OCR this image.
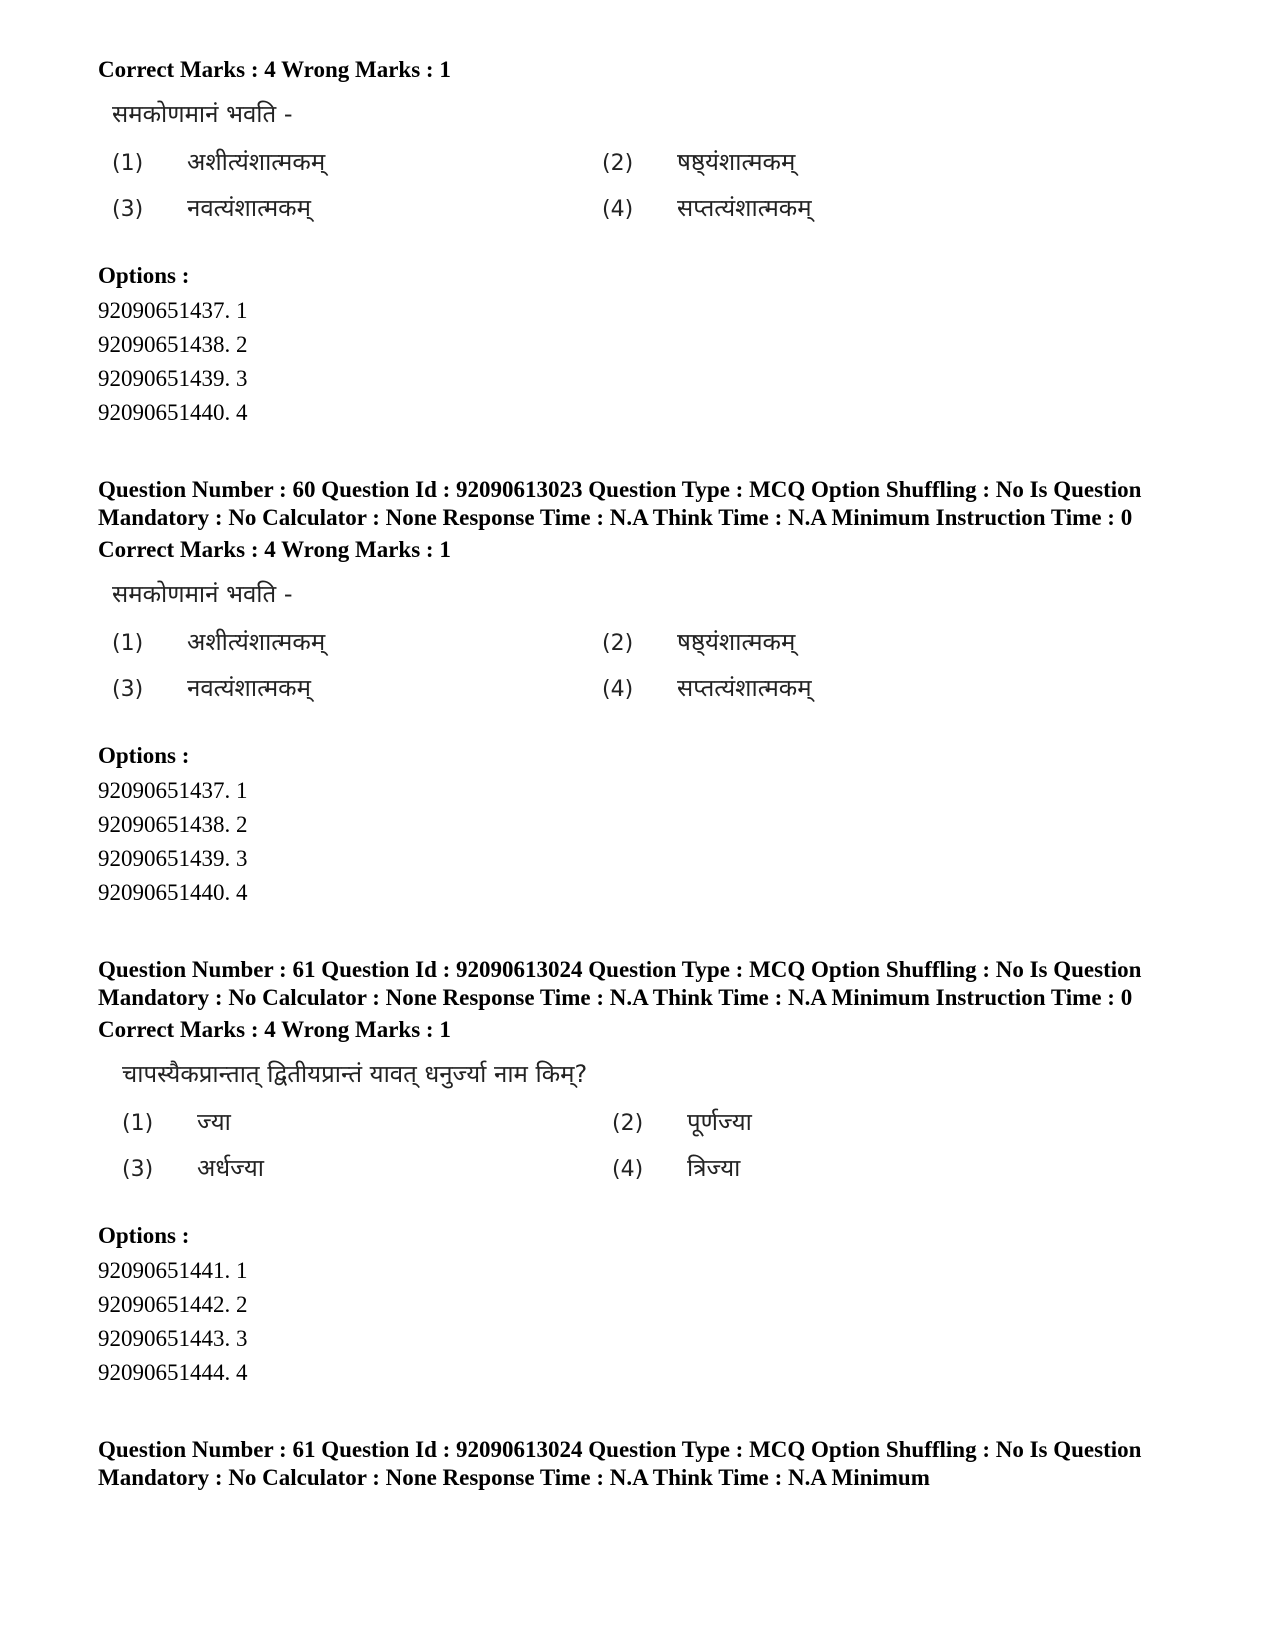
Correct Marks : 4 Wrong Marks : 1

समकोणमानं भवति -
(1)	अशीत्यंशात्मकम्	(2)	षष्ठ्यंशात्मकम्
(3)	नवत्यंशात्मकम्	(4)	सप्तत्यंशात्मकम्
Options :
92090651437. 1
92090651438. 2
92090651439. 3
92090651440. 4

Question Number : 60 Question Id : 92090613023 Question Type : MCQ Option Shuffling : No Is Question Mandatory : No Calculator : None Response Time : N.A Think Time : N.A Minimum Instruction Time : 0

Correct Marks : 4 Wrong Marks : 1

समकोणमानं भवति -
(1)	अशीत्यंशात्मकम्	(2)	षष्ठ्यंशात्मकम्
(3)	नवत्यंशात्मकम्	(4)	सप्तत्यंशात्मकम्
Options :
92090651437. 1
92090651438. 2
92090651439. 3
92090651440. 4

Question Number : 61 Question Id : 92090613024 Question Type : MCQ Option Shuffling : No Is Question Mandatory : No Calculator : None Response Time : N.A Think Time : N.A Minimum Instruction Time : 0

Correct Marks : 4 Wrong Marks : 1

चापस्यैकप्रान्तात् द्वितीयप्रान्तं यावत् धनुर्ज्या नाम किम्?
(1)	ज्या	(2)	पूर्णज्या
(3)	अर्धज्या	(4)	त्रिज्या
Options :
92090651441. 1
92090651442. 2
92090651443. 3
92090651444. 4

Question Number : 61 Question Id : 92090613024 Question Type : MCQ Option Shuffling : No Is Question Mandatory : No Calculator : None Response Time : N.A Think Time : N.A Minimum
